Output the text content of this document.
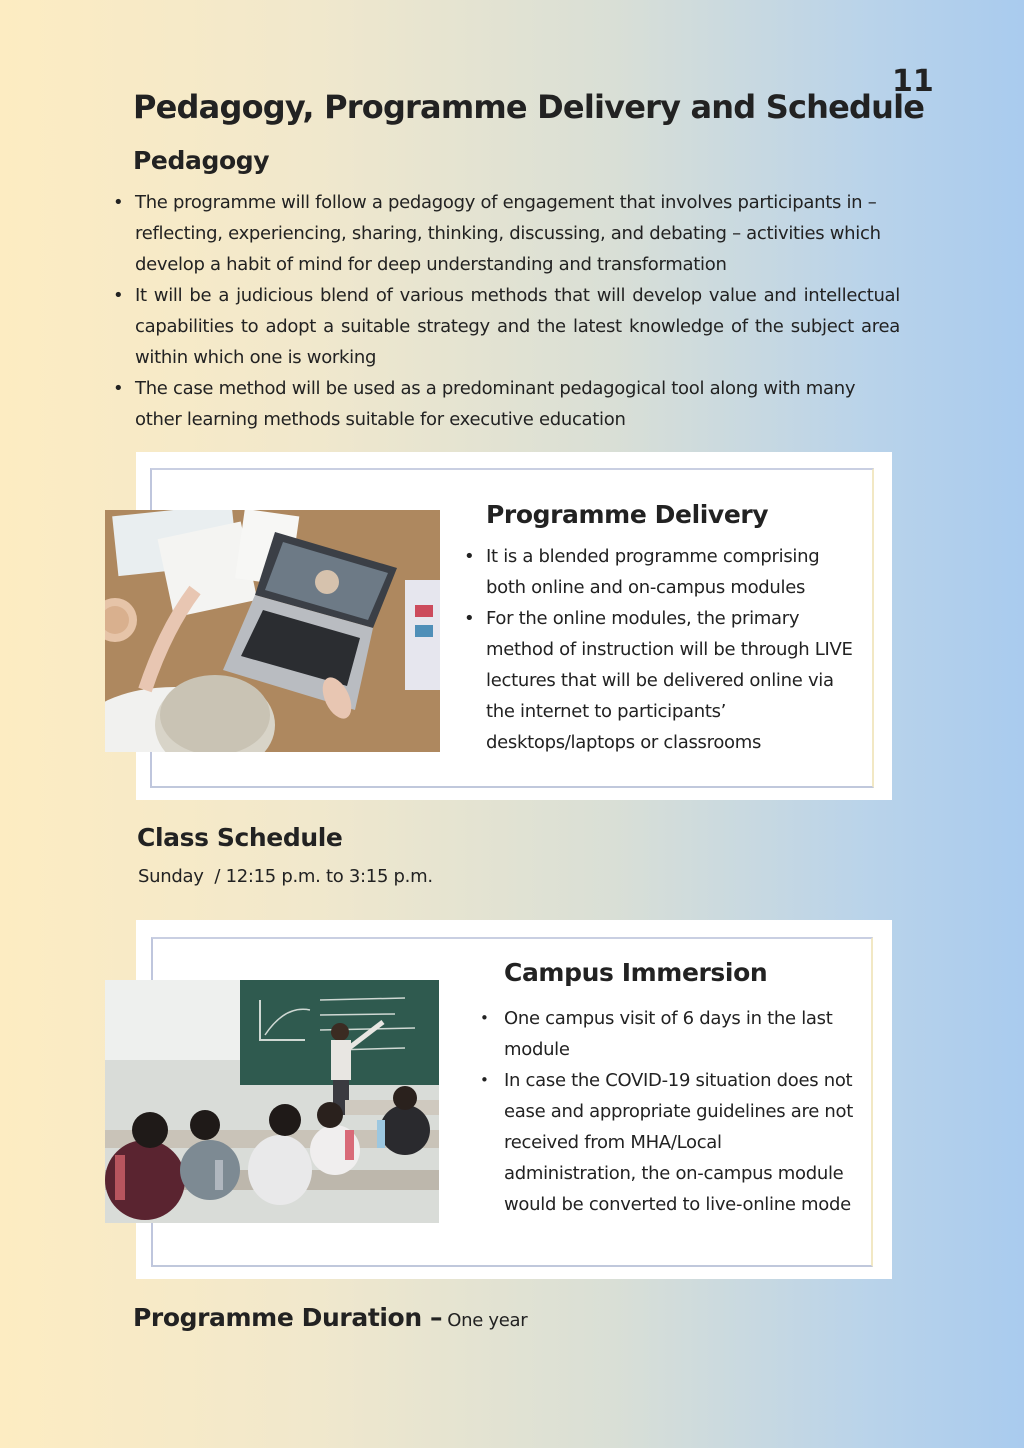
11
Pedagogy, Programme Delivery and Schedule
Pedagogy
• The programme will follow a pedagogy of engagement that involves participants in – reflecting, experiencing, sharing, thinking, discussing, and debating – activities which develop a habit of mind for deep understanding and transformation
• It will be a judicious blend of various methods that will develop value and intellectual capabilities to adopt a suitable strategy and the latest knowledge of the subject area within which one is working
• The case method will be used as a predominant pedagogical tool along with many other learning methods suitable for executive education
Programme Delivery
• It is a blended programme comprising both online and on-campus modules
• For the online modules, the primary method of instruction will be through LIVE lectures that will be delivered online via the internet to participants’ desktops/laptops or classrooms
Class Schedule
Sunday  / 12:15 p.m. to 3:15 p.m.
Campus Immersion
• One campus visit of 6 days in the last module
• In case the COVID-19 situation does not ease and appropriate guidelines are not received from MHA/Local administration, the on-campus module would be converted to live-online mode

Programme Duration – One year
